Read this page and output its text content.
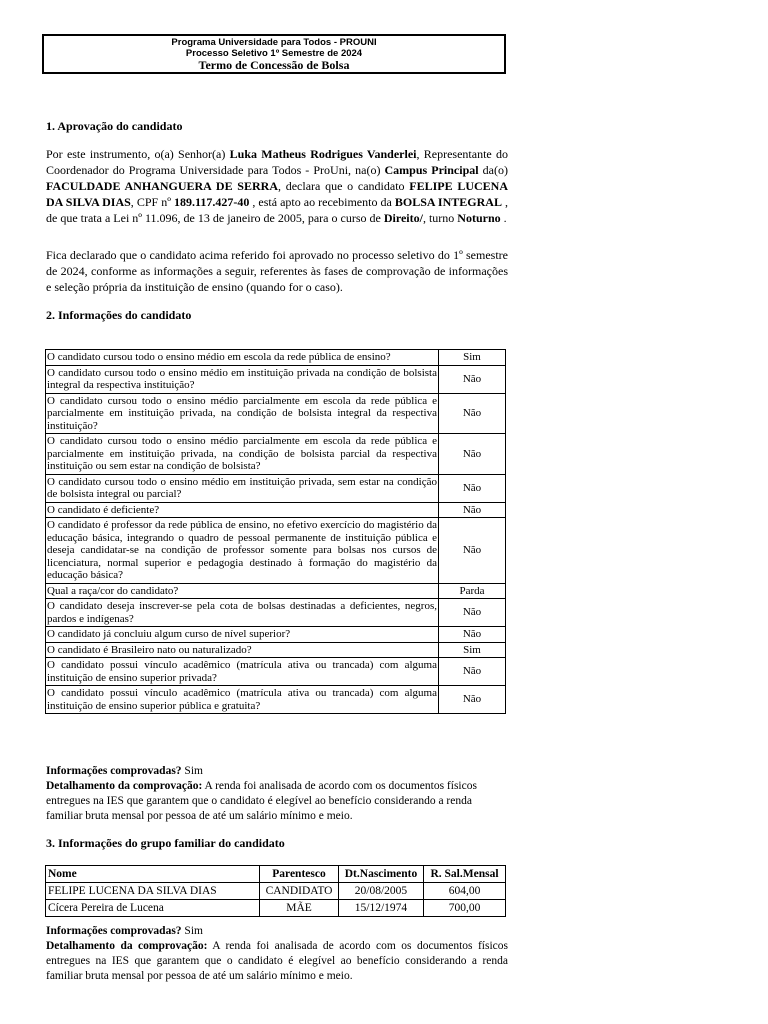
Programa Universidade para Todos - PROUNI
Processo Seletivo 1º Semestre de 2024
Termo de Concessão de Bolsa
1. Aprovação do candidato

Por este instrumento, o(a) Senhor(a) Luka Matheus Rodrigues Vanderlei, Representante do Coordenador do Programa Universidade para Todos - ProUni, na(o) Campus Principal da(o) FACULDADE ANHANGUERA DE SERRA, declara que o candidato FELIPE LUCENA DA SILVA DIAS, CPF nº 189.117.427-40 , está apto ao recebimento da BOLSA INTEGRAL , de que trata a Lei nº 11.096, de 13 de janeiro de 2005, para o curso de Direito/, turno Noturno .

Fica declarado que o candidato acima referido foi aprovado no processo seletivo do 1º semestre de 2024, conforme as informações a seguir, referentes às fases de comprovação de informações e seleção própria da instituição de ensino (quando for o caso).

2. Informações do candidato
O candidato cursou todo o ensino médio em escola da rede pública de ensino?	Sim
O candidato cursou todo o ensino médio em instituição privada na condição de bolsista integral da respectiva instituição?	Não
O candidato cursou todo o ensino médio parcialmente em escola da rede pública e parcialmente em instituição privada, na condição de bolsista integral da respectiva instituição?	Não
O candidato cursou todo o ensino médio parcialmente em escola da rede pública e parcialmente em instituição privada, na condição de bolsista parcial da respectiva instituição ou sem estar na condição de bolsista?	Não
O candidato cursou todo o ensino médio em instituição privada, sem estar na condição de bolsista integral ou parcial?	Não
O candidato é deficiente?	Não
O candidato é professor da rede pública de ensino, no efetivo exercício do magistério da educação básica, integrando o quadro de pessoal permanente de instituição pública e deseja candidatar-se na condição de professor somente para bolsas nos cursos de licenciatura, normal superior e pedagogia destinado à formação do magistério da educação básica?	Não
Qual a raça/cor do candidato?	Parda
O candidato deseja inscrever-se pela cota de bolsas destinadas a deficientes, negros, pardos e indígenas?	Não
O candidato já concluiu algum curso de nível superior?	Não
O candidato é Brasileiro nato ou naturalizado?	Sim
O candidato possui vínculo acadêmico (matrícula ativa ou trancada) com alguma instituição de ensino superior privada?	Não
O candidato possui vínculo acadêmico (matrícula ativa ou trancada) com alguma instituição de ensino superior pública e gratuita?	Não
Informações comprovadas? Sim
Detalhamento da comprovação: A renda foi analisada de acordo com os documentos físicos entregues na IES que garantem que o candidato é elegível ao benefício considerando a renda familiar bruta mensal por pessoa de até um salário mínimo e meio.
3. Informações do grupo familiar do candidato
Nome	Parentesco	Dt.Nascimento	R. Sal.Mensal
FELIPE LUCENA DA SILVA DIAS	CANDIDATO	20/08/2005	604,00
Cícera Pereira de Lucena	MÃE	15/12/1974	700,00
Informações comprovadas? Sim
Detalhamento da comprovação: A renda foi analisada de acordo com os documentos físicos entregues na IES que garantem que o candidato é elegível ao benefício considerando a renda familiar bruta mensal por pessoa de até um salário mínimo e meio.
